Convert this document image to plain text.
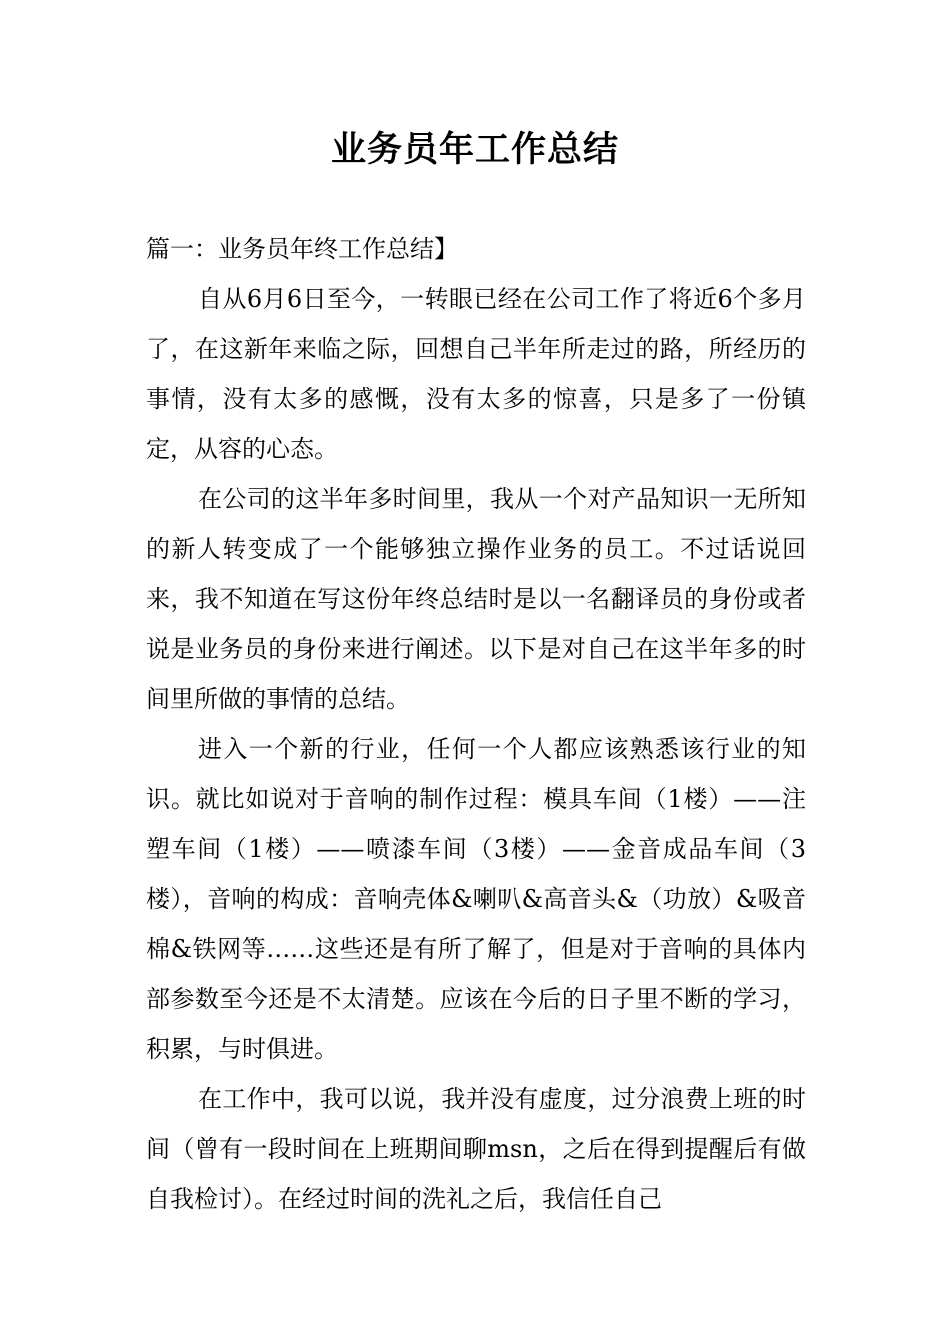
业务员年工作总结

篇一：业务员年终工作总结】

自从6月6日至今，一转眼已经在公司工作了将近6个多月了，在这新年来临之际，回想自己半年所走过的路，所经历的事情，没有太多的感慨，没有太多的惊喜，只是多了一份镇定，从容的心态。

在公司的这半年多时间里，我从一个对产品知识一无所知的新人转变成了一个能够独立操作业务的员工。不过话说回来，我不知道在写这份年终总结时是以一名翻译员的身份或者说是业务员的身份来进行阐述。以下是对自己在这半年多的时间里所做的事情的总结。

进入一个新的行业，任何一个人都应该熟悉该行业的知识。就比如说对于音响的制作过程：模具车间（1楼）——注塑车间（1楼）——喷漆车间（3楼）——金音成品车间（3楼），音响的构成：音响壳体&喇叭&高音头&（功放）&吸音棉&铁网等……这些还是有所了解了，但是对于音响的具体内部参数至今还是不太清楚。应该在今后的日子里不断的学习，积累，与时俱进。

在工作中，我可以说，我并没有虚度，过分浪费上班的时间（曾有一段时间在上班期间聊msn，之后在得到提醒后有做自我检讨）。在经过时间的洗礼之后，我信任自己
